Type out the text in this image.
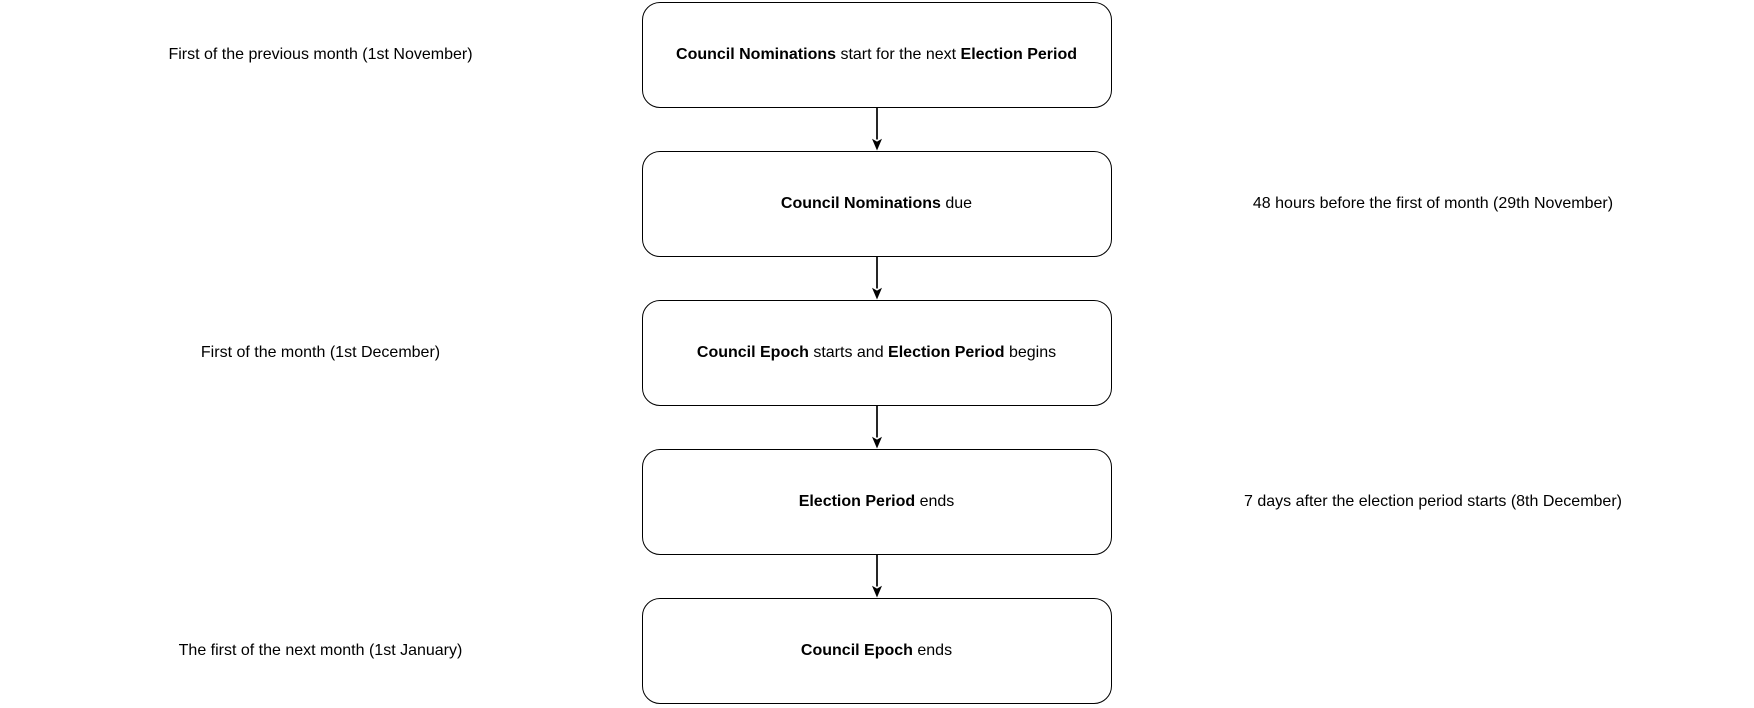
First of the previous month (1st November)	Council Nominations start for the next Election Period
Council Nominations due	48 hours before the first of month (29th November)
First of the month (1st December)	Council Epoch starts and Election Period begins
Election Period ends	7 days after the election period starts (8th December)
The first of the next month (1st January)	Council Epoch ends
